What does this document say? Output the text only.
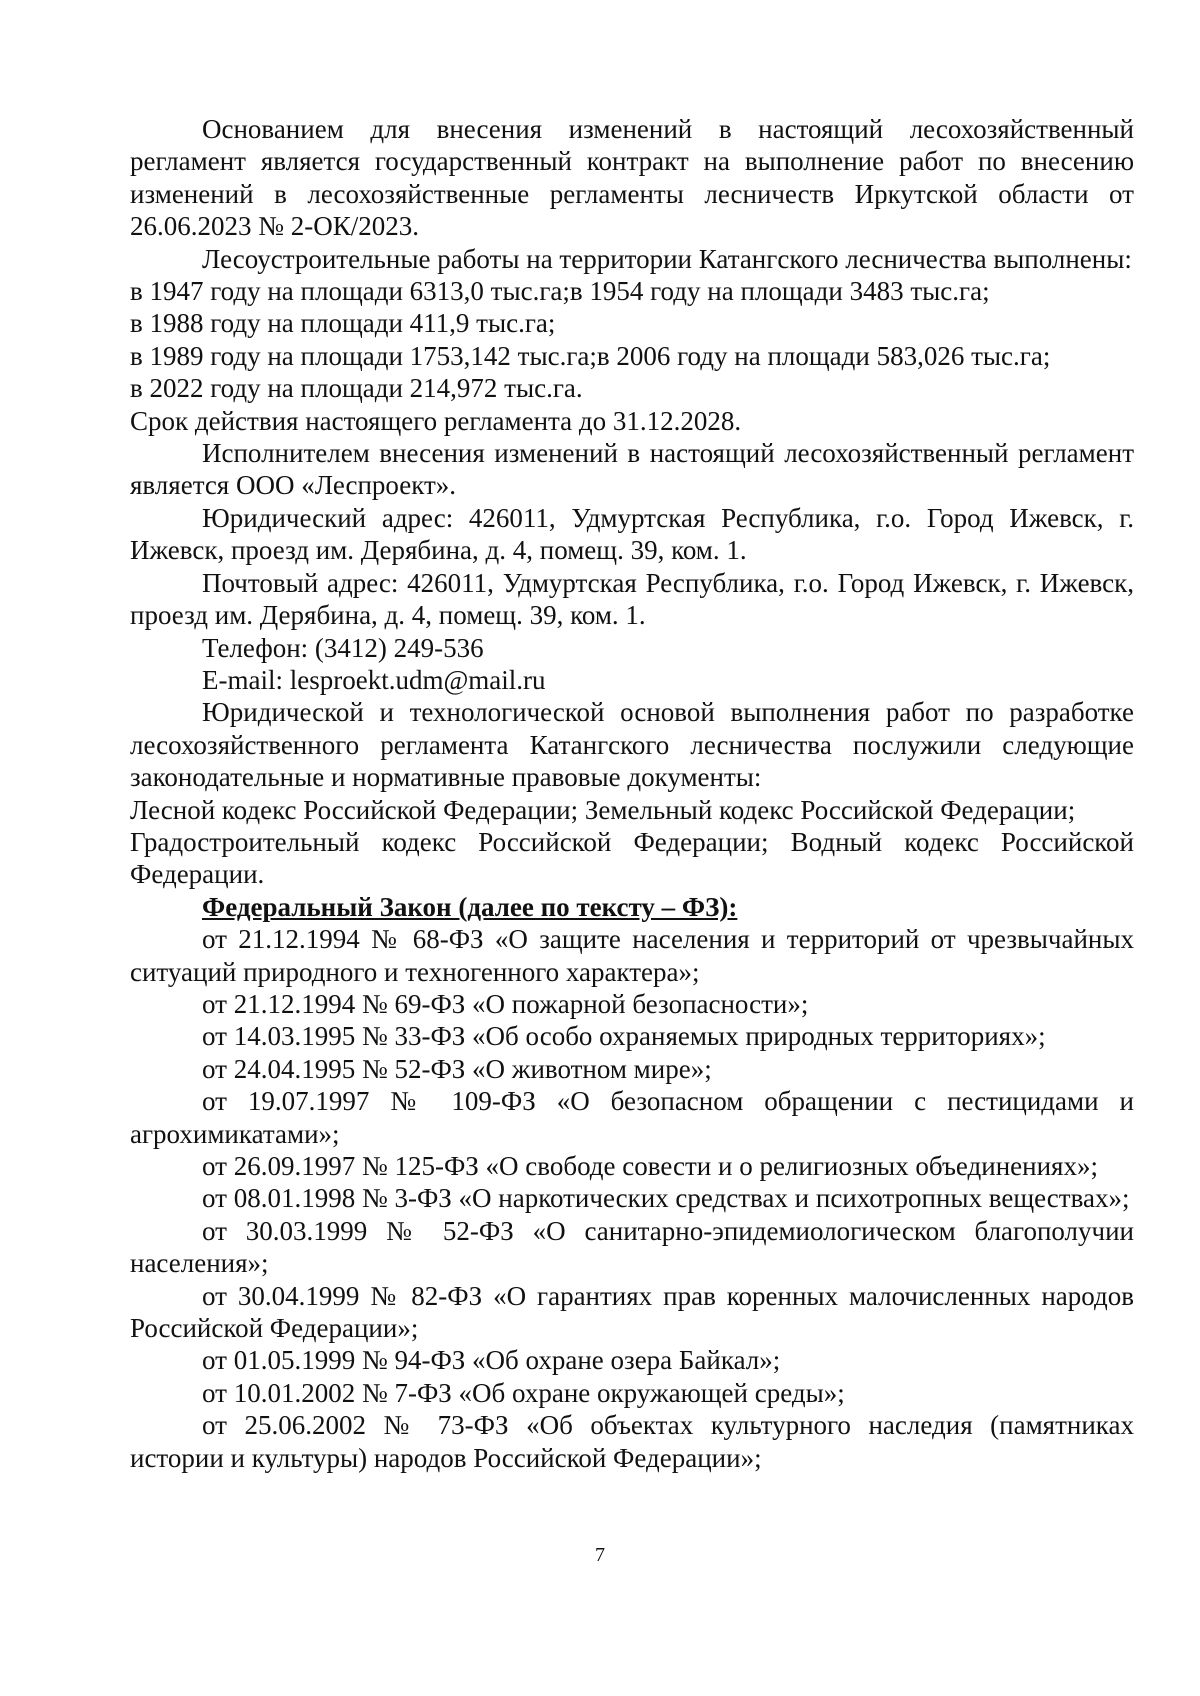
Основанием для внесения изменений в настоящий лесохозяйственный регламент является государственный контракт на выполнение работ по внесению изменений в лесохозяйственные регламенты лесничеств Иркутской области от 26.06.2023 № 2-ОК/2023.

Лесоустроительные работы на территории Катангского лесничества выполнены:

в 1947 году на площади 6313,0 тыс.га;в 1954 году на площади 3483 тыс.га;

в 1988 году на площади 411,9 тыс.га;

в 1989 году на площади 1753,142 тыс.га;в 2006 году на площади 583,026 тыс.га;

в 2022 году на площади 214,972 тыс.га.

Срок действия настоящего регламента до 31.12.2028.

Исполнителем внесения изменений в настоящий лесохозяйственный регламент является ООО «Леспроект».

Юридический адрес: 426011, Удмуртская Республика, г.о. Город Ижевск, г. Ижевск, проезд им. Дерябина, д. 4, помещ. 39, ком. 1.

Почтовый адрес: 426011, Удмуртская Республика, г.о. Город Ижевск, г. Ижевск, проезд им. Дерябина, д. 4, помещ. 39, ком. 1.

Телефон: (3412) 249-536

E-mail: lesproekt.udm@mail.ru

Юридической и технологической основой выполнения работ по разработке лесохозяйственного регламента Катангского лесничества послужили следующие законодательные и нормативные правовые документы:

Лесной кодекс Российской Федерации; Земельный кодекс Российской Федерации;

Градостроительный кодекс Российской Федерации; Водный кодекс Российской Федерации.

Федеральный Закон (далее по тексту – ФЗ):

от 21.12.1994 № 68-ФЗ «О защите населения и территорий от чрезвычайных ситуаций природного и техногенного характера»;

от 21.12.1994 № 69-ФЗ «О пожарной безопасности»;

от 14.03.1995 № 33-ФЗ «Об особо охраняемых природных территориях»;

от 24.04.1995 № 52-ФЗ «О животном мире»;

от 19.07.1997 № 109-ФЗ «О безопасном обращении с пестицидами и агрохимикатами»;

от 26.09.1997 № 125-ФЗ «О свободе совести и о религиозных объединениях»;

от 08.01.1998 № 3-ФЗ «О наркотических средствах и психотропных веществах»;

от 30.03.1999 № 52-ФЗ «О санитарно-эпидемиологическом благополучии населения»;

от 30.04.1999 № 82-ФЗ «О гарантиях прав коренных малочисленных народов Российской Федерации»;

от 01.05.1999 № 94-ФЗ «Об охране озера Байкал»;

от 10.01.2002 № 7-ФЗ «Об охране окружающей среды»;

от 25.06.2002 № 73-ФЗ «Об объектах культурного наследия (памятниках истории и культуры) народов Российской Федерации»;

7
